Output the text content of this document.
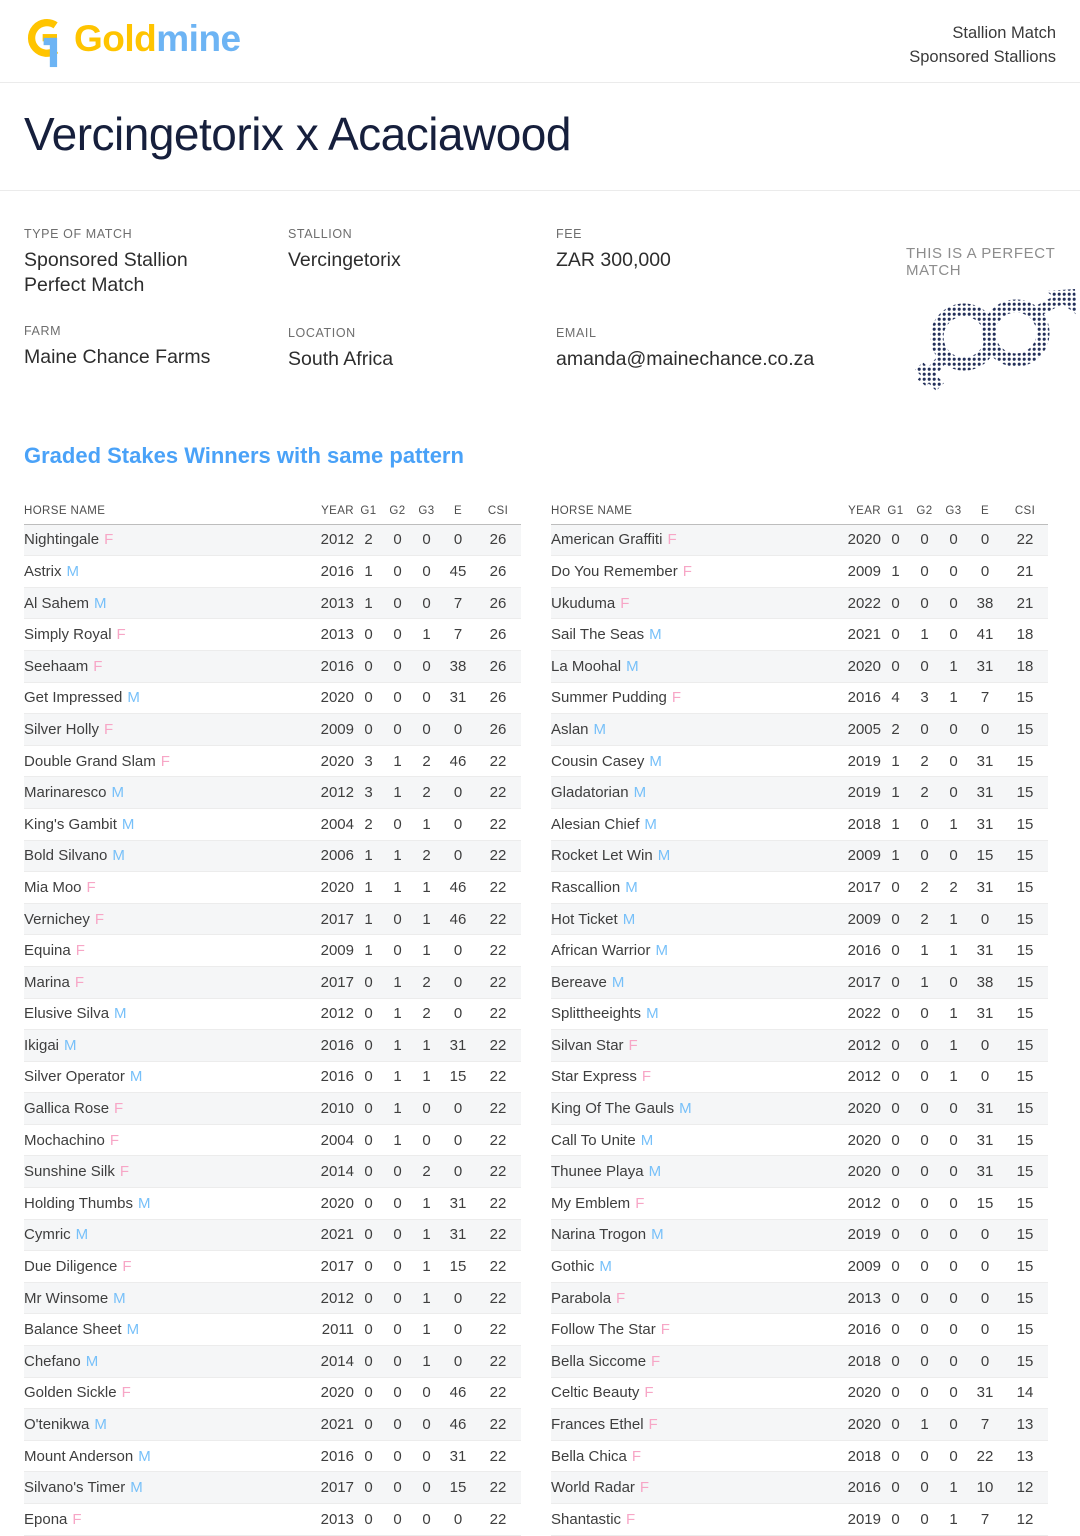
Goldmine	Stallion Match
Sponsored Stallions
Vercingetorix x Acaciawood
TYPE OF MATCH
Sponsored Stallion Perfect Match
FARM
Maine Chance Farms
STALLION
Vercingetorix
LOCATION
South Africa
FEE
ZAR 300,000
EMAIL
amanda@mainechance.co.za
THIS IS A PERFECT MATCH
Graded Stakes Winners with same pattern
HORSE NAME	YEAR G1	G2	G3	E	CSI
Nightingale F	2012 2	0	0	0	26
Astrix M	2016 1	0	0	45	26
Al Sahem M	2013 1	0	0	7	26
Simply Royal F	2013 0	0	1	7	26
Seehaam F	2016 0	0	0	38	26
Get Impressed M	2020 0	0	0	31	26
Silver Holly F	2009 0	0	0	0	26
Double Grand Slam F	2020 3	1	2	46	22
Marinaresco M	2012 3	1	2	0	22
King's Gambit M	2004 2	0	1	0	22
Bold Silvano M	2006 1	1	2	0	22
Mia Moo F	2020 1	1	1	46	22
Vernichey F	2017 1	0	1	46	22
Equina F	2009 1	0	1	0	22
Marina F	2017 0	1	2	0	22
Elusive Silva M	2012 0	1	2	0	22
Ikigai M	2016 0	1	1	31	22
Silver Operator M	2016 0	1	1	15	22
Gallica Rose F	2010 0	1	0	0	22
Mochachino F	2004 0	1	0	0	22
Sunshine Silk F	2014 0	0	2	0	22
Holding Thumbs M	2020 0	0	1	31	22
Cymric M	2021 0	0	1	31	22
Due Diligence F	2017 0	0	1	15	22
Mr Winsome M	2012 0	0	1	0	22
Balance Sheet M	2011 0	0	1	0	22
Chefano M	2014 0	0	1	0	22
Golden Sickle F	2020 0	0	0	46	22
O'tenikwa M	2021 0	0	0	46	22
Mount Anderson M	2016 0	0	0	31	22
Silvano's Timer M	2017 0	0	0	15	22
Epona F	2013 0	0	0	0	22
HORSE NAME	YEAR G1	G2	G3	E	CSI
American Graffiti F	2020 0	0	0	0	22
Do You Remember F	2009 1	0	0	0	21
Ukuduma F	2022 0	0	0	38	21
Sail The Seas M	2021 0	1	0	41	18
La Moohal M	2020 0	0	1	31	18
Summer Pudding F	2016 4	3	1	7	15
Aslan M	2005 2	0	0	0	15
Cousin Casey M	2019 1	2	0	31	15
Gladatorian M	2019 1	2	0	31	15
Alesian Chief M	2018 1	0	1	31	15
Rocket Let Win M	2009 1	0	0	15	15
Rascallion M	2017 0	2	2	31	15
Hot Ticket M	2009 0	2	1	0	15
African Warrior M	2016 0	1	1	31	15
Bereave M	2017 0	1	0	38	15
Splittheeights M	2022 0	0	1	31	15
Silvan Star F	2012 0	0	1	0	15
Star Express F	2012 0	0	1	0	15
King Of The Gauls M	2020 0	0	0	31	15
Call To Unite M	2020 0	0	0	31	15
Thunee Playa M	2020 0	0	0	31	15
My Emblem F	2012 0	0	0	15	15
Narina Trogon M	2019 0	0	0	0	15
Gothic M	2009 0	0	0	0	15
Parabola F	2013 0	0	0	0	15
Follow The Star F	2016 0	0	0	0	15
Bella Siccome F	2018 0	0	0	0	15
Celtic Beauty F	2020 0	0	0	31	14
Frances Ethel F	2020 0	1	0	7	13
Bella Chica F	2018 0	0	0	22	13
World Radar F	2016 0	0	1	10	12
Shantastic F	2019 0	0	1	7	12
